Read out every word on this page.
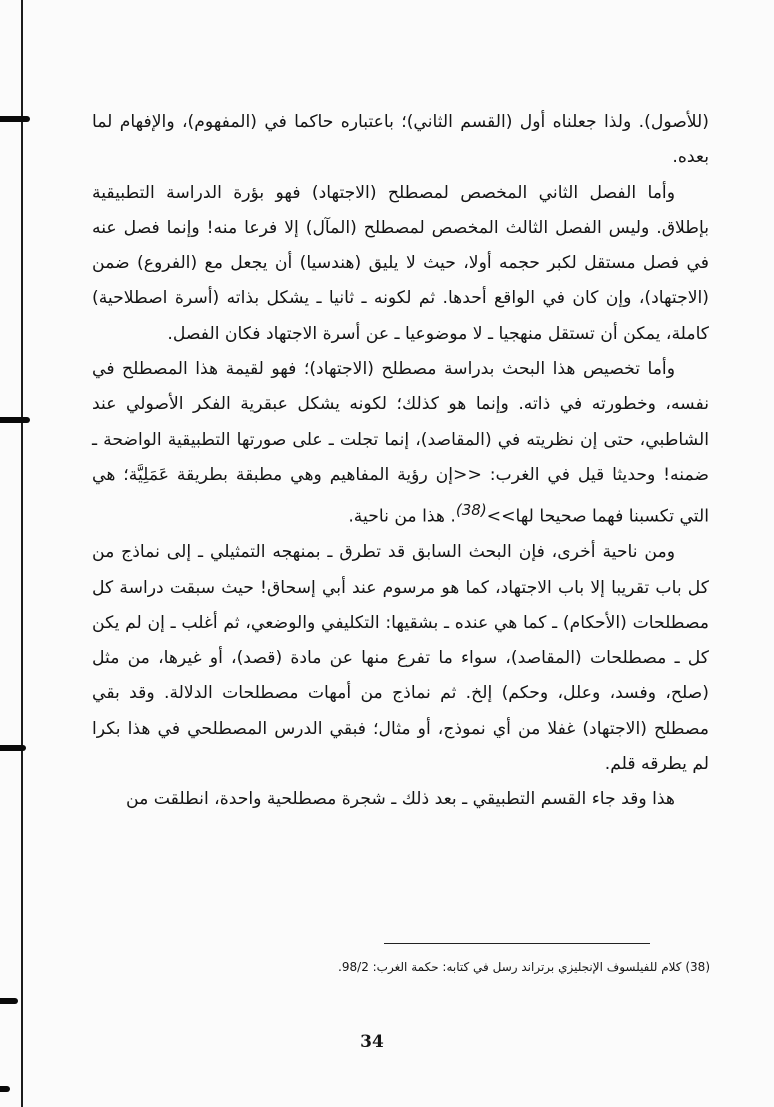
(للأصول). ولذا جعلناه أول (القسم الثاني)؛ باعتباره حاكما في (المفهوم)، والإفهام لما بعده.

وأما الفصل الثاني المخصص لمصطلح (الاجتهاد) فهو بؤرة الدراسة التطبيقية بإطلاق. وليس الفصل الثالث المخصص لمصطلح (المآل) إلا فرعا منه! وإنما فصل عنه في فصل مستقل لكبر حجمه أولا، حيث لا يليق (هندسيا) أن يجعل مع (الفروع) ضمن (الاجتهاد)، وإن كان في الواقع أحدها. ثم لكونه ـ ثانيا ـ يشكل بذاته (أسرة اصطلاحية) كاملة، يمكن أن تستقل منهجيا ـ لا موضوعيا ـ عن أسرة الاجتهاد فكان الفصل.

وأما تخصيص هذا البحث بدراسة مصطلح (الاجتهاد)؛ فهو لقيمة هذا المصطلح في نفسه، وخطورته في ذاته. وإنما هو كذلك؛ لكونه يشكل عبقرية الفكر الأصولي عند الشاطبي، حتى إن نظريته في (المقاصد)، إنما تجلت ـ على صورتها التطبيقية الواضحة ـ ضمنه! وحديثا قيل في الغرب: <<إن رؤية المفاهيم وهي مطبقة بطريقة عَمَلِيَّة؛ هي التي تكسبنا فهما صحيحا لها>>$^{(38)}$. هذا من ناحية.

ومن ناحية أخرى، فإن البحث السابق قد تطرق ـ بمنهجه التمثيلي ـ إلى نماذج من كل باب تقريبا إلا باب الاجتهاد، كما هو مرسوم عند أبي إسحاق! حيث سبقت دراسة كل مصطلحات (الأحكام) ـ كما هي عنده ـ بشقيها: التكليفي والوضعي، ثم أغلب ـ إن لم يكن كل ـ مصطلحات (المقاصد)، سواء ما تفرع منها عن مادة (قصد)، أو غيرها، من مثل (صلح، وفسد، وعلل، وحكم) إلخ. ثم نماذج من أمهات مصطلحات الدلالة. وقد بقي مصطلح (الاجتهاد) غفلا من أي نموذج، أو مثال؛ فبقي الدرس المصطلحي في هذا بكرا لم يطرقه قلم.

هذا وقد جاء القسم التطبيقي ـ بعد ذلك ـ شجرة مصطلحية واحدة، انطلقت من

(38) كلام للفيلسوف الإنجليزي برتراند رسل في كتابه: حكمة الغرب: 98/2.
34
